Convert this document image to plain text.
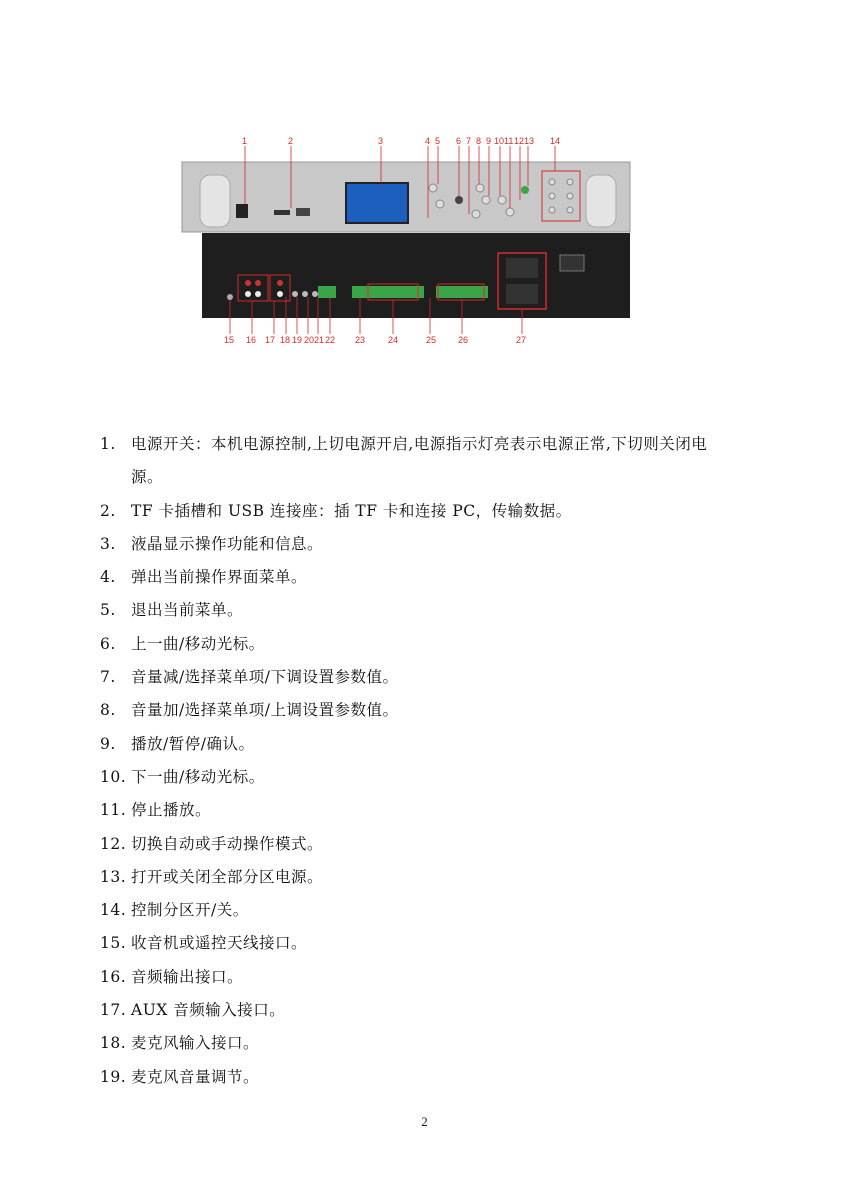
1	2	3	4 5 6 7 8 9 10 11 12 13 14
15 16 17 18 19 20 21 22 23	24	25 26	27
1. 电源开关：本机电源控制,上切电源开启,电源指示灯亮表示电源正常,下切则关闭电
源。
2. TF 卡插槽和 USB 连接座：插 TF 卡和连接 PC，传输数据。
3. 液晶显示操作功能和信息。
4. 弹出当前操作界面菜单。
5. 退出当前菜单。
6. 上一曲/移动光标。
7. 音量减/选择菜单项/下调设置参数值。
8. 音量加/选择菜单项/上调设置参数值。
9. 播放/暂停/确认。
10. 下一曲/移动光标。
11. 停止播放。
12. 切换自动或手动操作模式。
13. 打开或关闭全部分区电源。
14. 控制分区开/关。
15. 收音机或遥控天线接口。
16. 音频输出接口。
17. AUX 音频输入接口。
18. 麦克风输入接口。
19. 麦克风音量调节。
2
